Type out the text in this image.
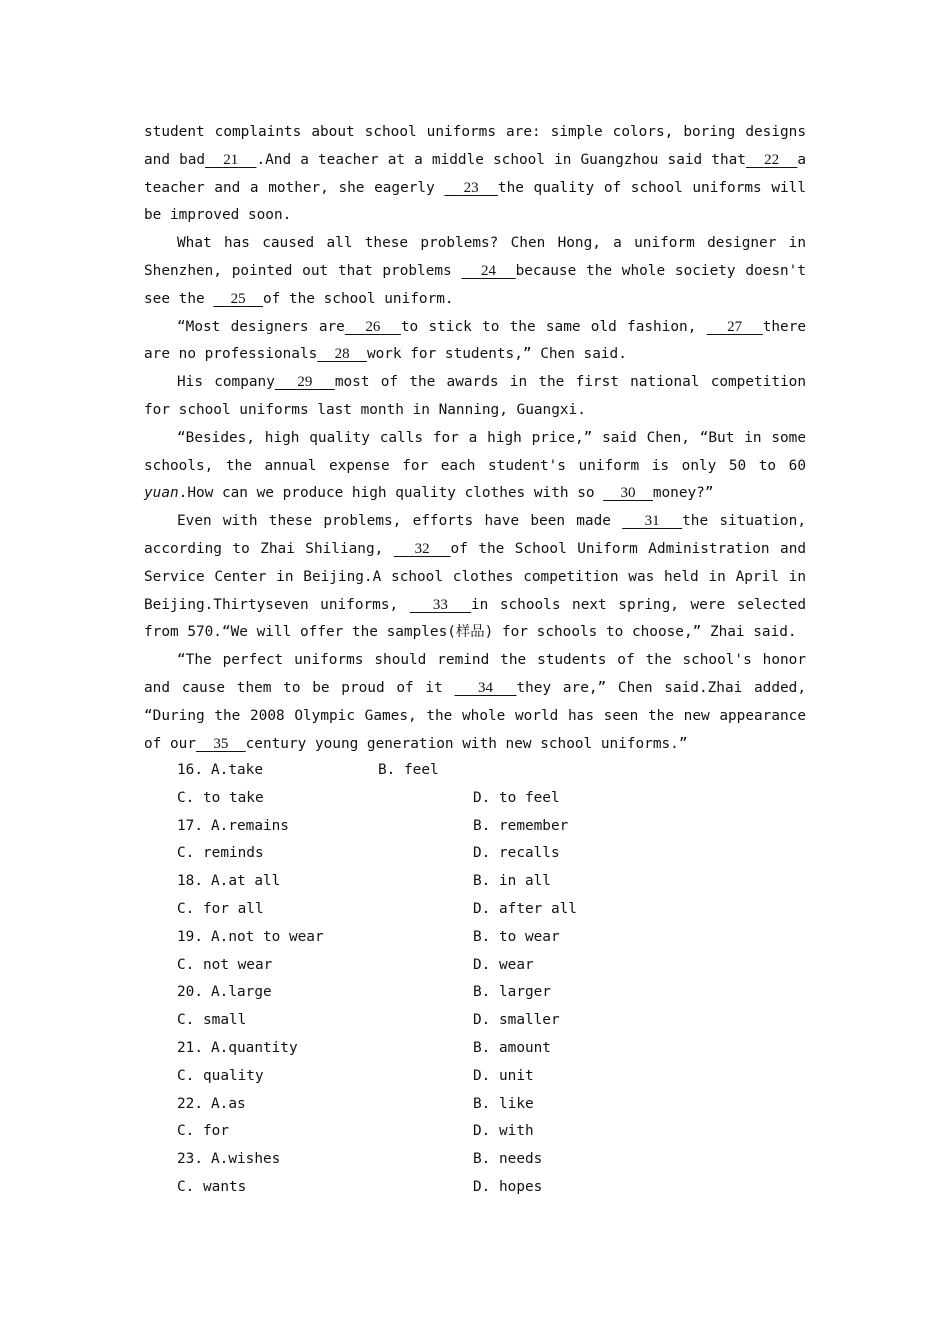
student complaints about school uniforms are: simple colors, boring designs and bad 21 .And a teacher at a middle school in Guangzhou said that 22 a teacher and a mother, she eagerly   23 the quality of school uniforms will be improved soon.

What has caused all these problems? Chen Hong, a uniform designer in Shenzhen, pointed out that problems   24 because the whole society doesn't see the   25 of the school uniform.

“Most designers are 26 to stick to the same old fashion,   27 there are no professionals 28 work for students,” Chen said.

His company 29 most of the awards in the first national competition for school uniforms last month in Nanning, Guangxi.

“Besides, high quality calls for a high price,” said Chen, “But in some schools, the annual expense for each student's uniform is only 50 to 60 yuan.How can we produce high quality clothes with so   30 money?”

Even with these problems, efforts have been made   31 the situation, according to Zhai Shiliang,   32 of the School Uniform Administration and Service Center in Beijing.A school clothes competition was held in April in Beijing.Thirtyseven uniforms,   33 in schools next spring, were selected from 570.“We will offer the samples(样品) for schools to choose,” Zhai said.

“The perfect uniforms should remind the students of the school's honor and cause them to be proud of it   34 they are,” Chen said.Zhai added, “During the 2008 Olympic Games, the whole world has seen the new appearance of our 35 century young generation with new school uniforms.”

16. A.take	B. feel
C. to take	D. to feel
17. A.remains	B. remember
C. reminds	D. recalls
18. A.at all	B. in all
C. for all	D. after all
19. A.not to wear	B. to wear
C. not wear	D. wear
20. A.large	B. larger
C. small	D. smaller
21. A.quantity	B. amount
C. quality	D. unit
22. A.as	B. like
C. for	D. with
23. A.wishes	B. needs
C. wants	D. hopes
